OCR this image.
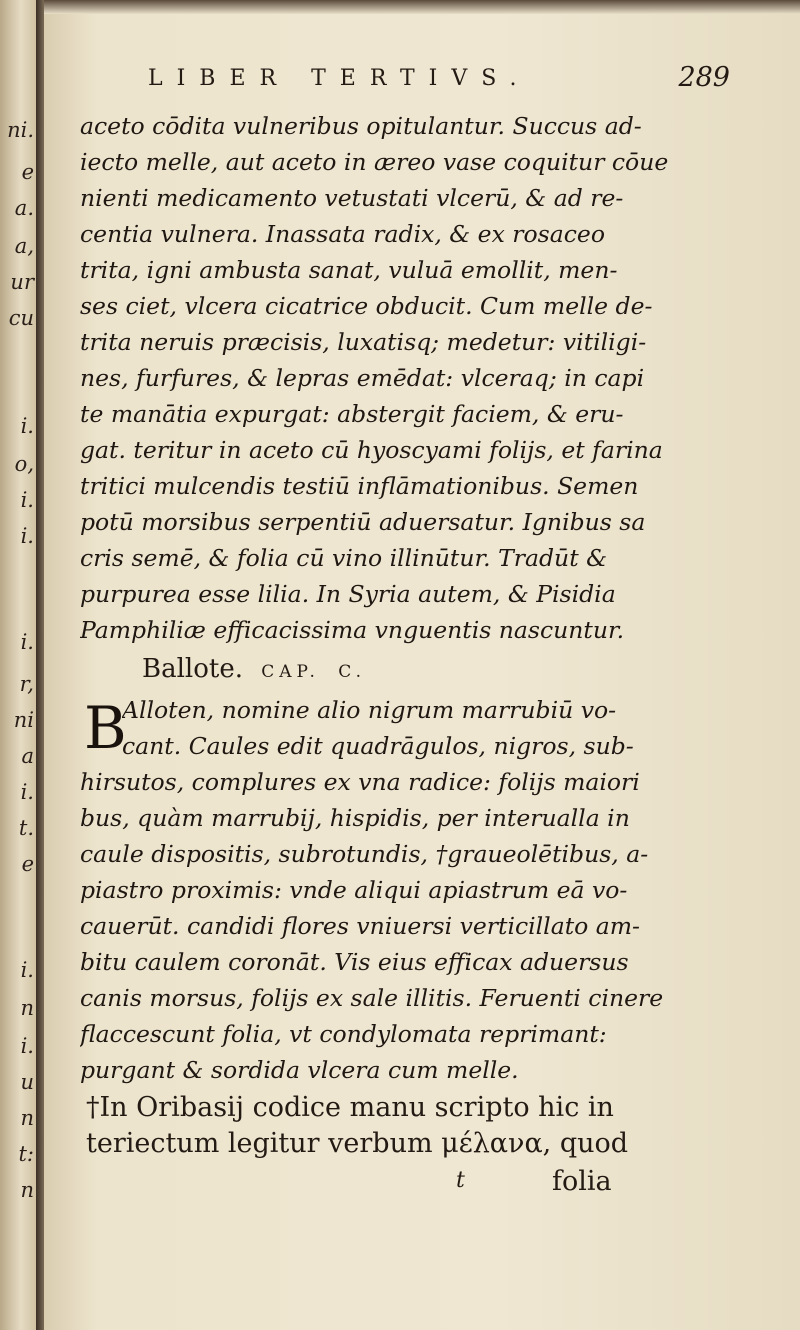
LIBER TERTIVS.	289
aceto cōdita vulneribus opitulantur. Succus ad-
iecto melle, aut aceto in æreo vase coquitur cōue
nienti medicamento vetustati vlcerū, & ad re-
centia vulnera. Inassata radix, & ex rosaceo
trita, igni ambusta sanat, vuluā emollit, men-
ses ciet, vlcera cicatrice obducit. Cum melle de-
trita neruis præcisis, luxatisq; medetur: vitiligi-
nes, furfures, & lepras emēdat: vlceraq; in capi
te manātia expurgat: abstergit faciem, & eru-
gat. teritur in aceto cū hyoscyami folijs, et farina
tritici mulcendis testiū inflāmationibus. Semen
potū morsibus serpentiū aduersatur. Ignibus sa
cris semē, & folia cū vino illinūtur. Tradūt &
purpurea esse lilia. In Syria autem, & Pisidia
Pamphiliæ efficacissima vnguentis nascuntur.
Ballote. CAP. C.
B
Alloten, nomine alio nigrum marrubiū vo-
cant. Caules edit quadrāgulos, nigros, sub-
hirsutos, complures ex vna radice: folijs maiori
bus, quàm marrubij, hispidis, per interualla in
caule dispositis, subrotundis, †graueolētibus, a-
piastro proximis: vnde aliqui apiastrum eā vo-
cauerūt. candidi flores vniuersi verticillato am-
bitu caulem coronāt. Vis eius efficax aduersus
canis morsus, folijs ex sale illitis. Feruenti cinere
flaccescunt folia, vt condylomata reprimant:
purgant & sordida vlcera cum melle.
†In Oribasij codice manu scripto hic in
teriectum legitur verbum μέλανα, quod
t	folia
ni.
e
a.
a,
ur
cu
i.
o,
i.
i.
i.
r,
ni
a
i.
t.
e
i.
n
i.
u
n
t:
n
